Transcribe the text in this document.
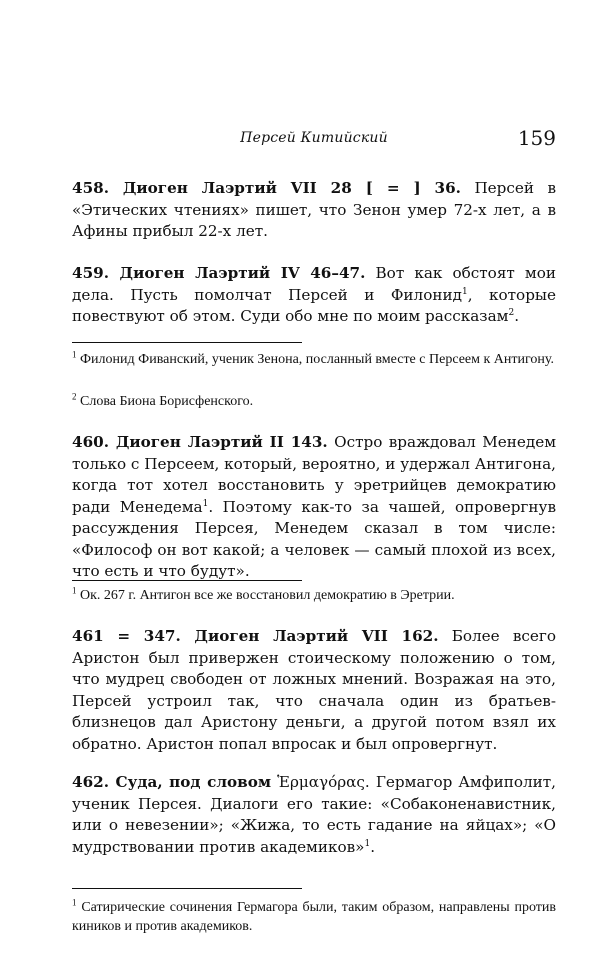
Персей Китийский	159
458. Диоген Лаэртий VII 28 [ = ] 36. Персей в «Этических чтениях» пишет, что Зенон умер 72-х лет, а в Афины прибыл 22-х лет.
459. Диоген Лаэртий IV 46–47. Вот как обстоят мои дела. Пусть помолчат Персей и Филонид$^1$, которые повествуют об этом. Суди обо мне по моим рассказам$^2$.
$^1$ Филонид Фиванский, ученик Зенона, посланный вместе с Персеем к Антигону.
$^2$ Слова Биона Борисфенского.
460. Диоген Лаэртий II 143. Остро враждовал Менедем только с Персеем, который, вероятно, и удержал Антигона, когда тот хотел восстановить у эретрийцев демократию ради Менедема$^1$. Поэтому как-то за чашей, опровергнув рассуждения Персея, Менедем сказал в том числе: «Философ он вот какой; а человек — самый плохой из всех, что есть и что будут».
$^1$ Ок. 267 г. Антигон все же восстановил демократию в Эретрии.
461 = 347. Диоген Лаэртий VII 162. Более всего Аристон был привержен стоическому положению о том, что мудрец свободен от ложных мнений. Возражая на это, Персей устроил так, что сначала один из братьев-близнецов дал Аристону деньги, а другой потом взял их обратно. Аристон попал впросак и был опровергнут.
462. Суда, под словом Ἑρμαγόρας. Гермагор Амфиполит, ученик Персея. Диалоги его такие: «Собаконенавистник, или о невезении»; «Жижа, то есть гадание на яйцах»; «О мудрствовании против академиков»$^1$.
$^1$ Сатирические сочинения Гермагора были, таким образом, направлены против киников и против академиков.
